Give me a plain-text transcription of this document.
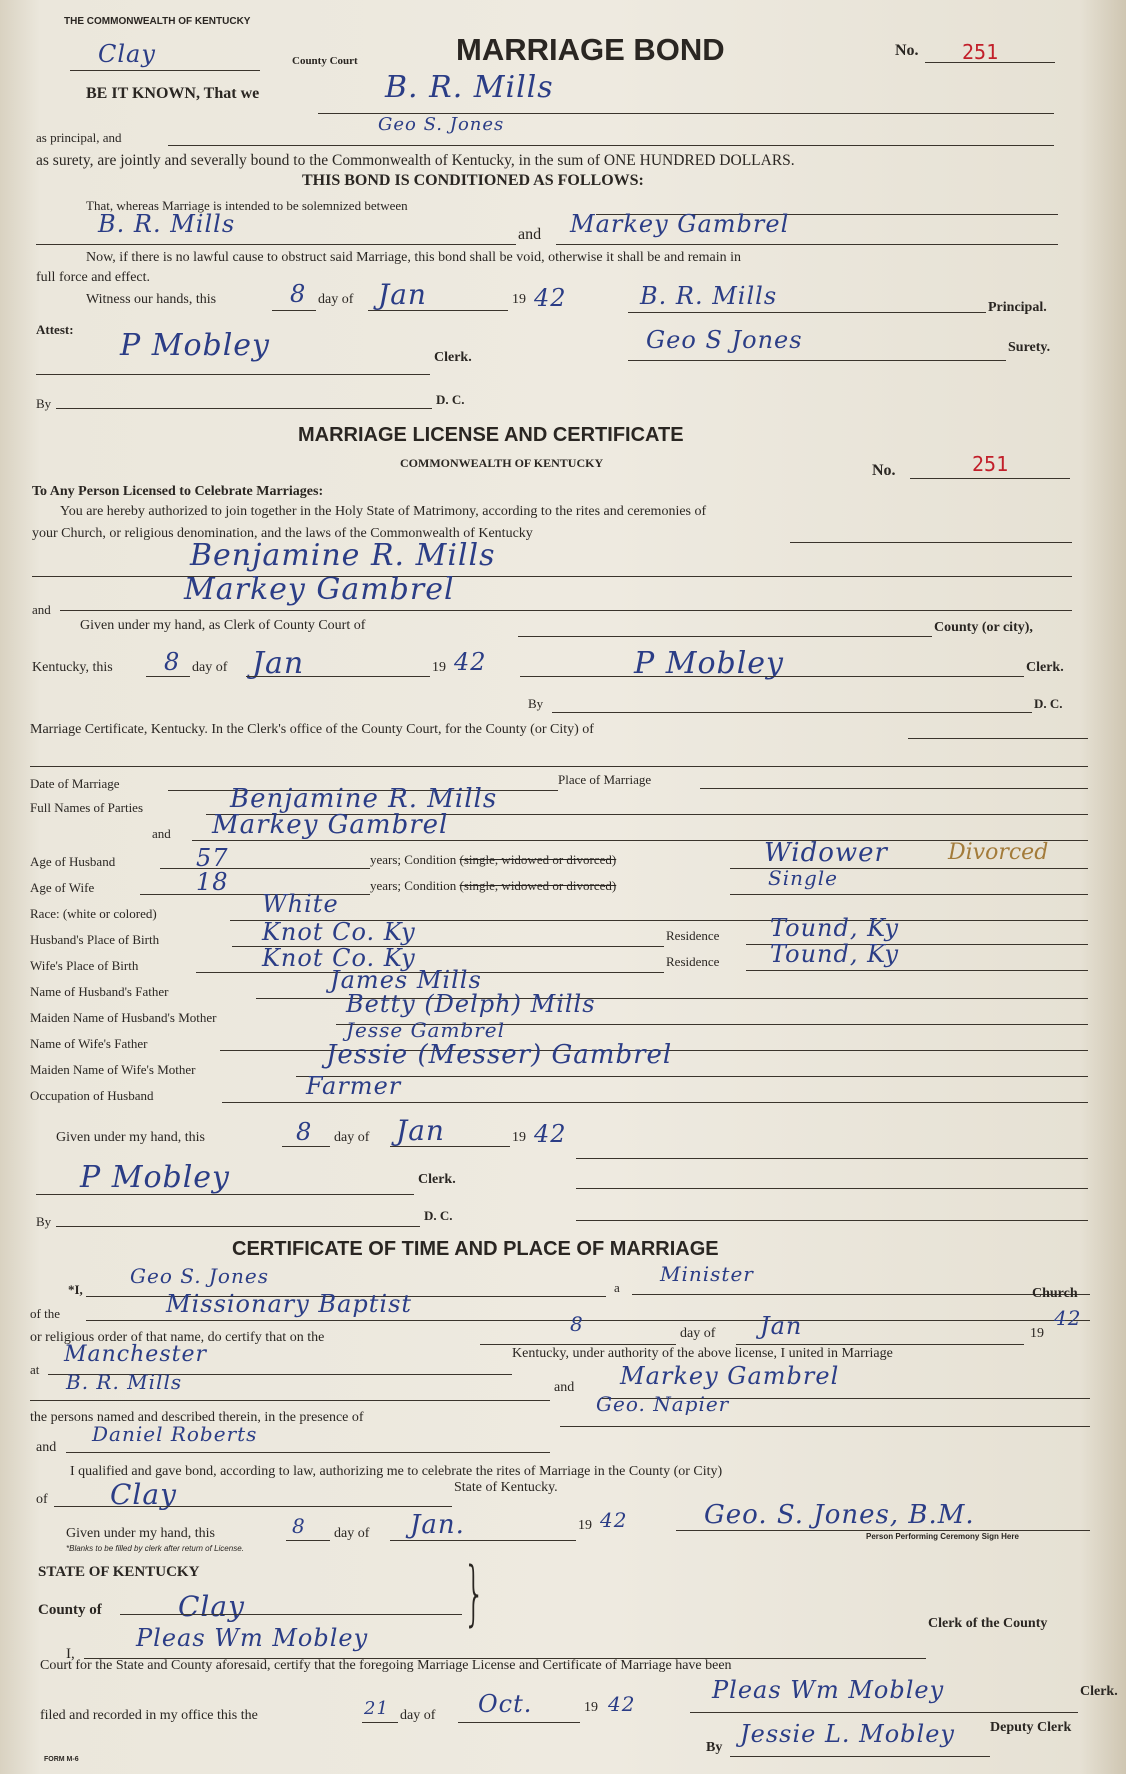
THE COMMONWEALTH OF KENTUCKY
Clay	County Court	MARRIAGE BOND	No. 251
BE IT KNOWN, That we	B. R. Mills
as principal, and
Geo S. Jones
as surety, are jointly and severally bound to the Commonwealth of Kentucky, in the sum of ONE HUNDRED DOLLARS.
THIS BOND IS CONDITIONED AS FOLLOWS:
That, whereas Marriage is intended to be solemnized between
B. R. Mills	and Markey Gambrel
Now, if there is no lawful cause to obstruct said Marriage, this bond shall be void, otherwise it shall be and remain in
full force and effect.
Witness our hands, this	8 day of Jan	19 42	B. R. Mills	Principal.
Attest: P Mobley	Clerk.
Geo S Jones	Surety.
By	D. C.
MARRIAGE LICENSE AND CERTIFICATE
COMMONWEALTH OF KENTUCKY	No.	251
To Any Person Licensed to Celebrate Marriages:
You are hereby authorized to join together in the Holy State of Matrimony, according to the rites and ceremonies of
your Church, or religious denomination, and the laws of the Commonwealth of Kentucky
Benjamine R. Mills
and
Markey Gambrel
Given under my hand, as Clerk of County Court of	County (or city),
Kentucky, this 8 day of Jan	19 42	P Mobley	Clerk.
By	D. C.
Marriage Certificate, Kentucky. In the Clerk's office of the County Court, for the County (or City) of
Date of Marriage	Place of Marriage
Full Names of Parties	Benjamine R. Mills
and Markey Gambrel
Age of Husband	57	years; Condition (single, widowed or divorced)	Widower	Divorced
Age of Wife	18	years; Condition (single, widowed or divorced)	Single
Race: (white or colored)	White
Husband's Place of Birth	Knot Co. Ky	Residence Tound, Ky
Wife's Place of Birth	Knot Co. Ky	Residence Tound, Ky
Name of Husband's Father	James Mills
Maiden Name of Husband's Mother	Betty (Delph) Mills
Name of Wife's Father
Jesse Gambrel
Maiden Name of Wife's Mother	Jessie (Messer) Gambrel
Occupation of Husband	Farmer
Given under my hand, this	8 day of Jan	19 42
P Mobley	Clerk.
By	D. C.
CERTIFICATE OF TIME AND PLACE OF MARRIAGE
*I,
Geo S. Jones	a
Minister
Church
of the	Missionary Baptist
or religious order of that name, do certify that on the
8	day of Jan	19
42
at
Manchester	Kentucky, under authority of the above license, I united in Marriage
B. R. Mills	and Markey Gambrel
the persons named and described therein, in the presence of
Geo. Napier
and
Daniel Roberts
I qualified and gave bond, according to law, authorizing me to celebrate the rites of Marriage in the County (or City)
of Clay	State of Kentucky.
Given under my hand, this	8 day of Jan.	19 42	Geo. S. Jones, B.M.
Person Performing Ceremony Sign Here
*Blanks to be filled by clerk after return of License.
STATE OF KENTUCKY
County of	Clay	}
I,
Pleas Wm Mobley
Clerk of the County
Court for the State and County aforesaid, certify that the foregoing Marriage License and Certificate of Marriage have been
filed and recorded in my office this the	21 day of Oct.	19 42	Pleas Wm Mobley	Clerk.
By Jessie L. Mobley	Deputy Clerk
FORM M-6
